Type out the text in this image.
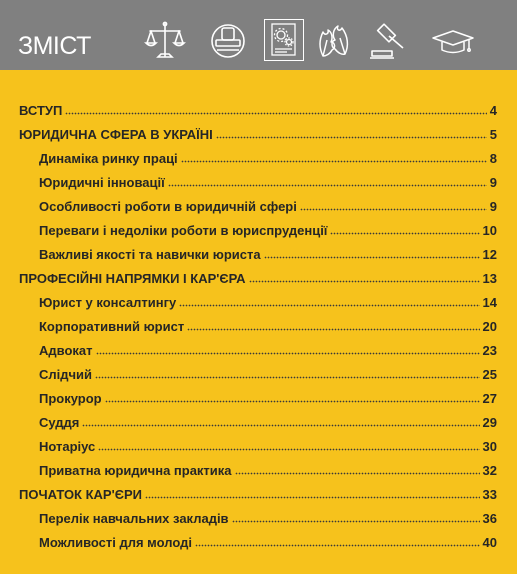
ЗМІСТ
ВСТУП	4
ЮРИДИЧНА СФЕРА В УКРАЇНІ	5
Динаміка ринку праці	8
Юридичні інновації	9
Особливості роботи в юридичній сфері	9
Переваги і недоліки роботи в юриспруденції	10
Важливі якості та навички юриста	12
ПРОФЕСІЙНІ НАПРЯМКИ І КАР'ЄРА	13
Юрист у консалтингу	14
Корпоративний юрист	20
Адвокат	23
Слідчий	25
Прокурор	27
Суддя	29
Нотаріус	30
Приватна юридична практика	32
ПОЧАТОК КАР'ЄРИ	33
Перелік навчальних закладів	36
Можливості для молоді	40
